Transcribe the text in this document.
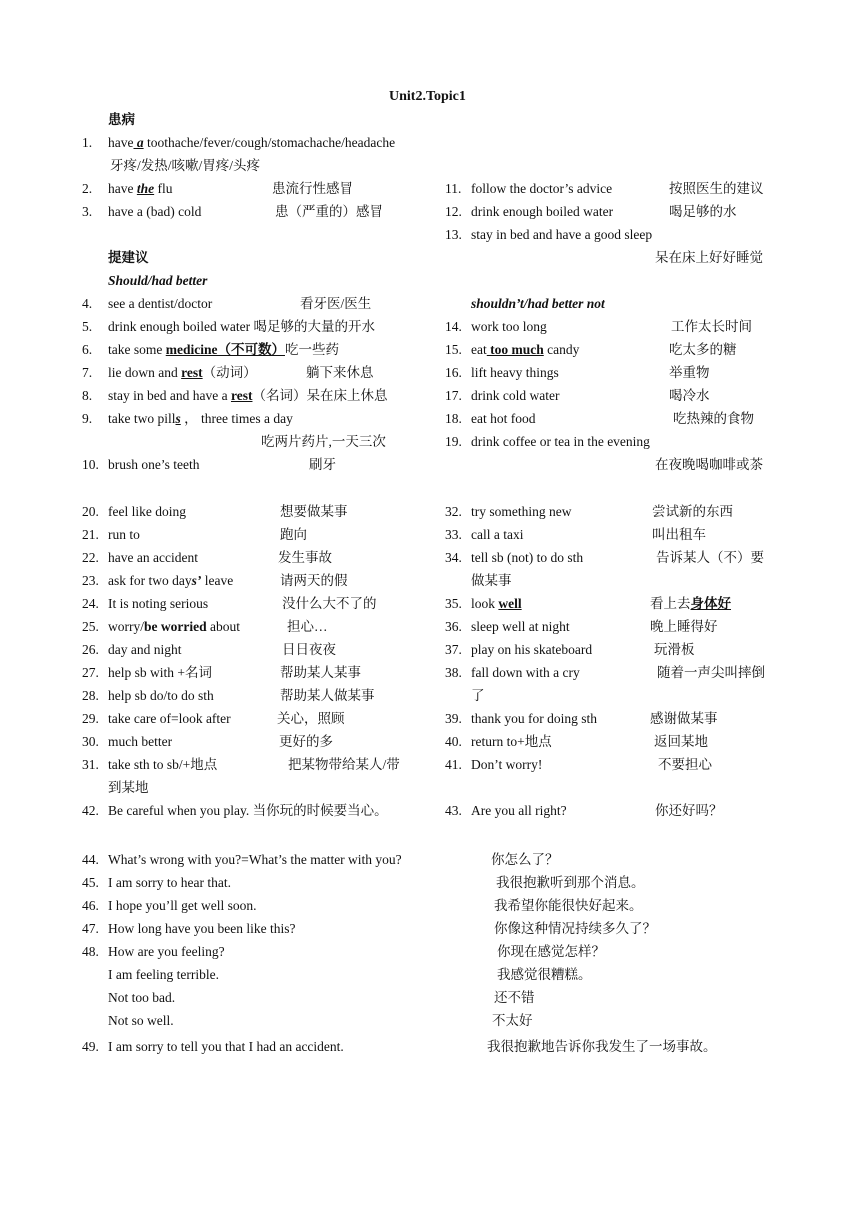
Unit2.Topic1
患病
提建议
Should/had better
shouldn’t/had better not
1. have a toothache/fever/cough/stomachache/headache
牙疼/发热/咳嗽/胃疼/头疼
2. have the flu	患流行性感冒
3. have a (bad) cold	患（严重的）感冒
11. follow the doctor’s advice	按照医生的建议
12. drink enough boiled water	喝足够的水
13. stay in bed and have a good sleep
呆在床上好好睡觉
4. see a dentist/doctor	看牙医/医生
5. drink enough boiled water 喝足够的大量的开水
6. take some medicine（不可数）吃一些药
7. lie down and rest（动词）	躺下来休息
8. stay in bed and have a rest（名词）呆在床上休息
9. take two pills ， three times a day
吃两片药片,一天三次
10. brush one’s teeth	刷牙
14. work too long	工作太长时间
15. eat too much candy	吃太多的糖
16. lift heavy things	举重物
17. drink cold water	喝冷水
18. eat hot food	吃热辣的食物
19. drink coffee or tea in the evening
在夜晚喝咖啡或茶
20. feel like doing	想要做某事
21. run to	跑向
22. have an accident	发生事故
23. ask for two days’ leave	请两天的假
24. It is noting serious	没什么大不了的
25. worry/be worried about	担心…
26. day and night	日日夜夜
27. help sb with +名词	帮助某人某事
28. help sb do/to do sth	帮助某人做某事
29. take care of=look after	关心，照顾
30. much better	更好的多
31. take sth to sb/+地点	把某物带给某人/带
到某地
32. try something new	尝试新的东西
33. call a taxi	叫出租车
34. tell sb (not) to do sth	告诉某人（不）要
做某事
35. look well	看上去身体好
36. sleep well at night	晚上睡得好
37. play on his skateboard	玩滑板
38. fall down with a cry	随着一声尖叫摔倒
了
39. thank you for doing sth	感谢做某事
40. return to+地点	返回某地
41. Don’t worry!	不要担心
42. Be careful when you play. 当你玩的时候要当心。	43. Are you all right?	你还好吗？
44. What’s wrong with you?=What’s the matter with you?	你怎么了？
45. I am sorry to hear that.	我很抱歉听到那个消息。
46. I hope you’ll get well soon.	我希望你能很快好起来。
47. How long have you been like this?	你像这种情况持续多久了？
48. How are you feeling?	你现在感觉怎样？
I am feeling terrible.	我感觉很糟糕。
Not too bad.	还不错
Not so well.	不太好
49. I am sorry to tell you that I had an accident.	我很抱歉地告诉你我发生了一场事故。
